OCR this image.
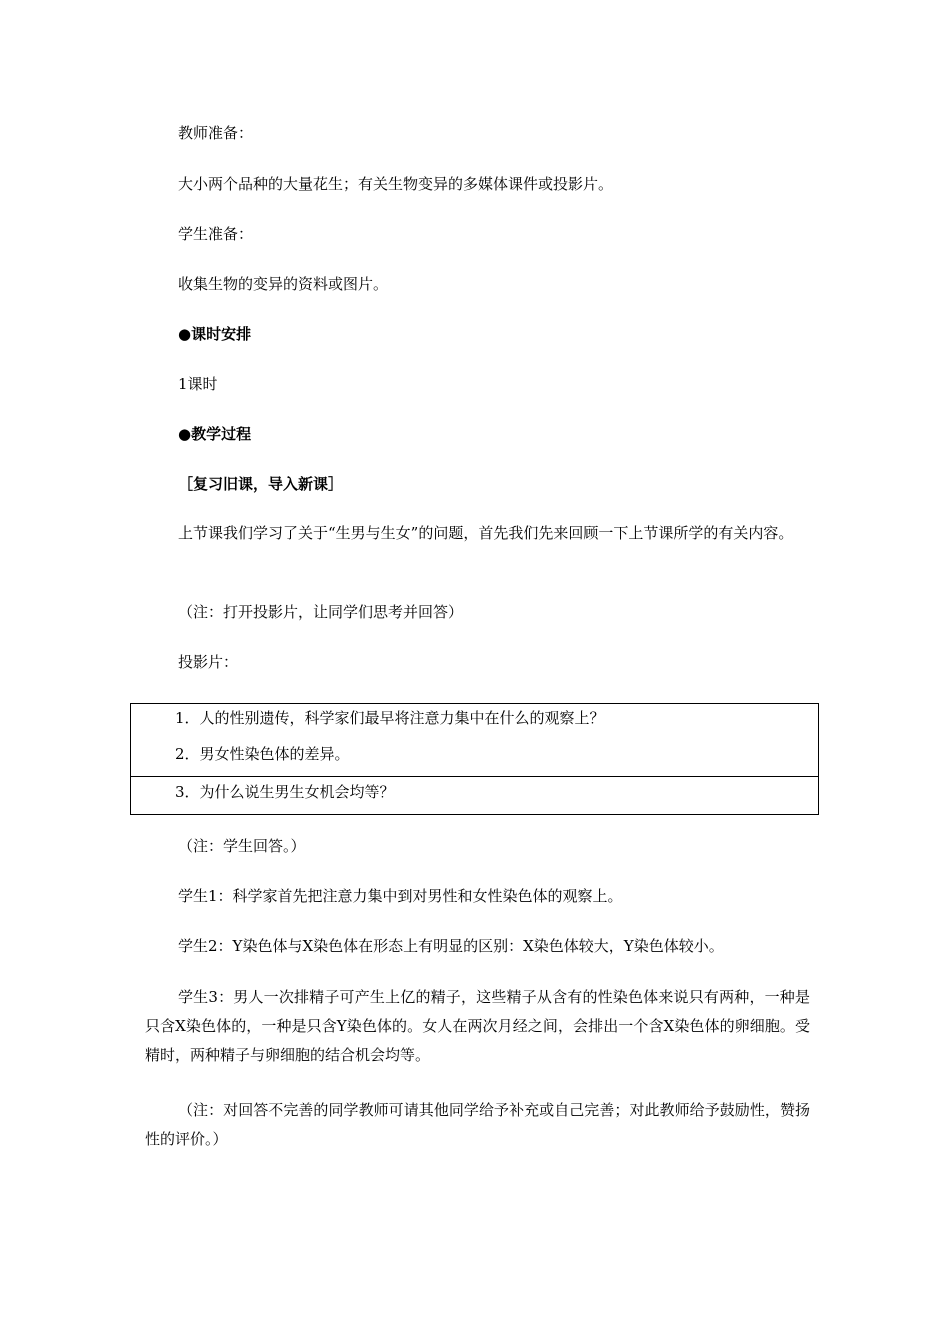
教师准备：
大小两个品种的大量花生；有关生物变异的多媒体课件或投影片。
学生准备：
收集生物的变异的资料或图片。
●课时安排
1课时
●教学过程
［复习旧课，导入新课］
上节课我们学习了关于“生男与生女”的问题，首先我们先来回顾一下上节课所学的有关内容。
（注：打开投影片，让同学们思考并回答）
投影片：
1．人的性别遗传，科学家们最早将注意力集中在什么的观察上？
2．男女性染色体的差异。
3．为什么说生男生女机会均等？
（注：学生回答。）
学生1：科学家首先把注意力集中到对男性和女性染色体的观察上。
学生2：Y染色体与X染色体在形态上有明显的区别：X染色体较大，Y染色体较小。
学生3：男人一次排精子可产生上亿的精子，这些精子从含有的性染色体来说只有两种，一种是只含X染色体的，一种是只含Y染色体的。女人在两次月经之间，会排出一个含X染色体的卵细胞。受精时，两种精子与卵细胞的结合机会均等。
（注：对回答不完善的同学教师可请其他同学给予补充或自己完善；对此教师给予鼓励性，赞扬性的评价。）
